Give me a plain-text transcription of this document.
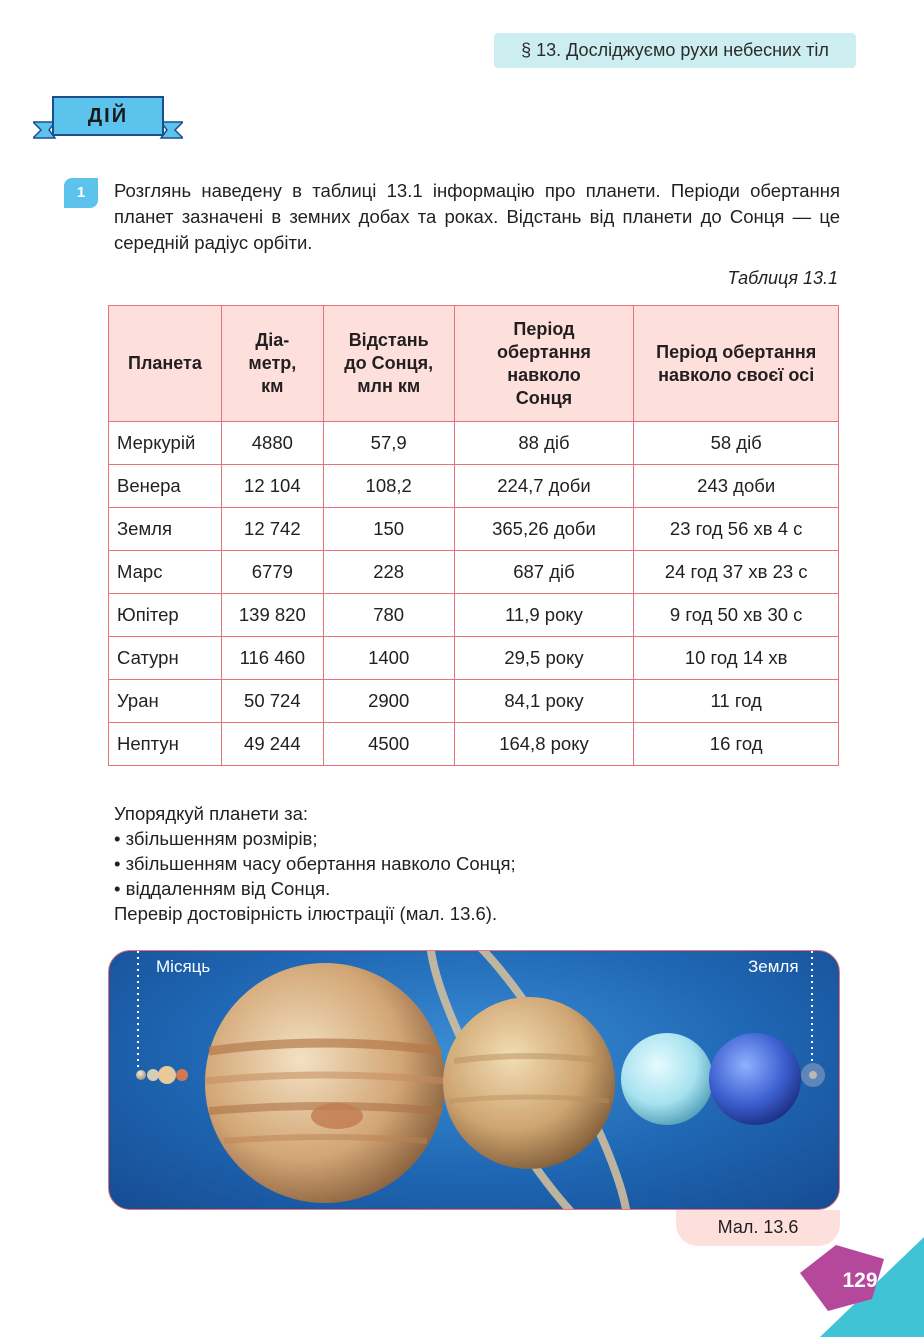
§ 13. Досліджуємо рухи небесних тіл
ДІЙ
1	Розглянь наведену в таблиці 13.1 інформацію про планети. Періоди обертання планет зазначені в земних добах та роках. Відстань від планети до Сонця — це середній радіус орбіти.

Таблиця 13.1
Планета	Діа-
метр,
км	Відстань
до Сонця,
млн км	Період
обертання
навколо
Сонця	Період обертання
навколо своєї осі
Меркурій	4880	57,9	88 діб	58 діб
Венера	12 104	108,2	224,7 доби	243 доби
Земля	12 742	150	365,26 доби	23 год 56 хв 4 с
Марс	6779	228	687 діб	24 год 37 хв 23 с
Юпітер	139 820	780	11,9 року	9 год 50 хв 30 с
Сатурн	116 460	1400	29,5 року	10 год 14 хв
Уран	50 724	2900	84,1 року	11 год
Нептун	49 244	4500	164,8 року	16 год
Упорядкуй планети за:
• збільшенням розмірів;
• збільшенням часу обертання навколо Сонця;
• віддаленням від Сонця.
Перевір достовірність ілюстрації (мал. 13.6).
Місяць	Земля
Мал. 13.6
129
